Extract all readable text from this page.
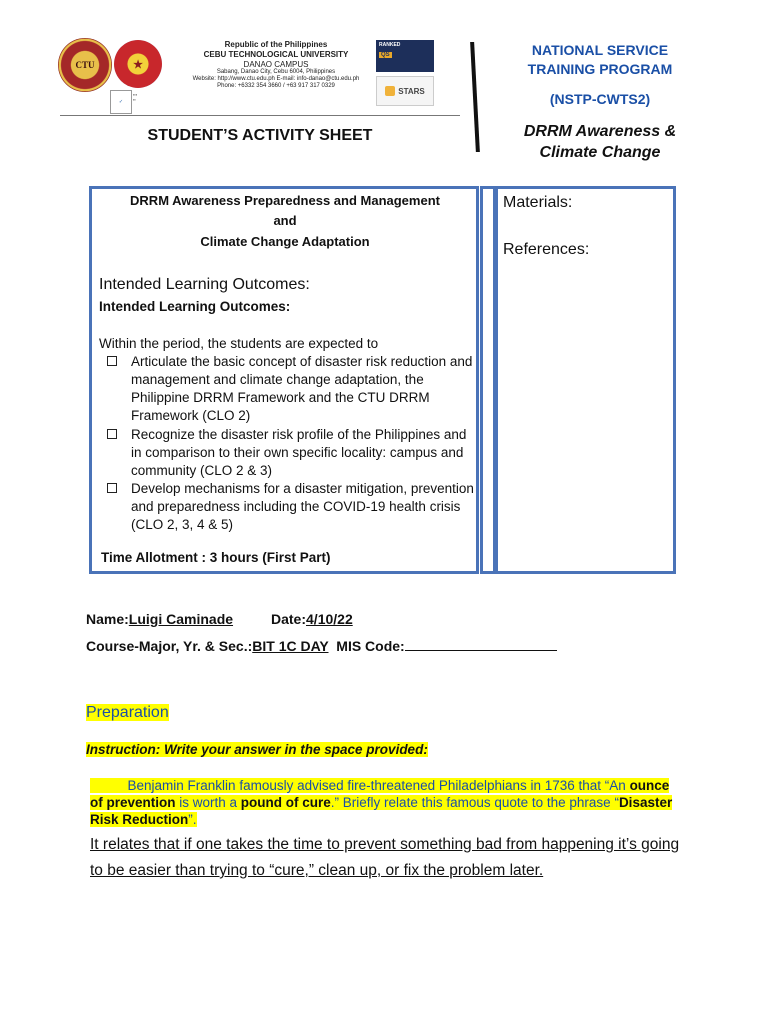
CTU	★
✓
▪▪▪
▪▪
Republic of the Philippines
CEBU TECHNOLOGICAL UNIVERSITY
DANAO CAMPUS
Sabang, Danao City, Cebu 6004, Philippines
Website: http://www.ctu.edu.ph E-mail: info-danao@ctu.edu.ph
Phone: +6332 354 3660 / +63 917 317 0329
RANKED
QS
STARS
STUDENT’S ACTIVITY SHEET
NATIONAL SERVICE
TRAINING PROGRAM
(NSTP-CWTS2)
DRRM Awareness &
Climate Change
DRRM Awareness Preparedness and Management
and
Climate Change Adaptation
Intended Learning Outcomes:
Intended Learning Outcomes:
Within the period, the students are expected to
Articulate the basic concept of disaster risk reduction and management and climate change adaptation, the Philippine DRRM Framework and the CTU DRRM Framework (CLO 2)
Recognize the disaster risk profile of the Philippines and in comparison to their own specific locality: campus and community (CLO 2 & 3)
Develop mechanisms for a disaster mitigation, prevention and preparedness including the COVID-19 health crisis (CLO 2, 3, 4 & 5)
Time Allotment : 3 hours (First Part)
Materials:
References:
Name:Luigi Caminade	Date:4/10/22
Course-Major, Yr. & Sec.:BIT 1C DAY MIS Code:
Preparation
Instruction: Write your answer in the space provided:
Benjamin Franklin famously advised fire-threatened Philadelphians in 1736 that “An ounce of prevention is worth a pound of cure.” Briefly relate this famous quote to the phrase “Disaster Risk Reduction”.
It relates that if one takes the time to prevent something bad from happening it’s going to be easier than trying to “cure,” clean up, or fix the problem later.
